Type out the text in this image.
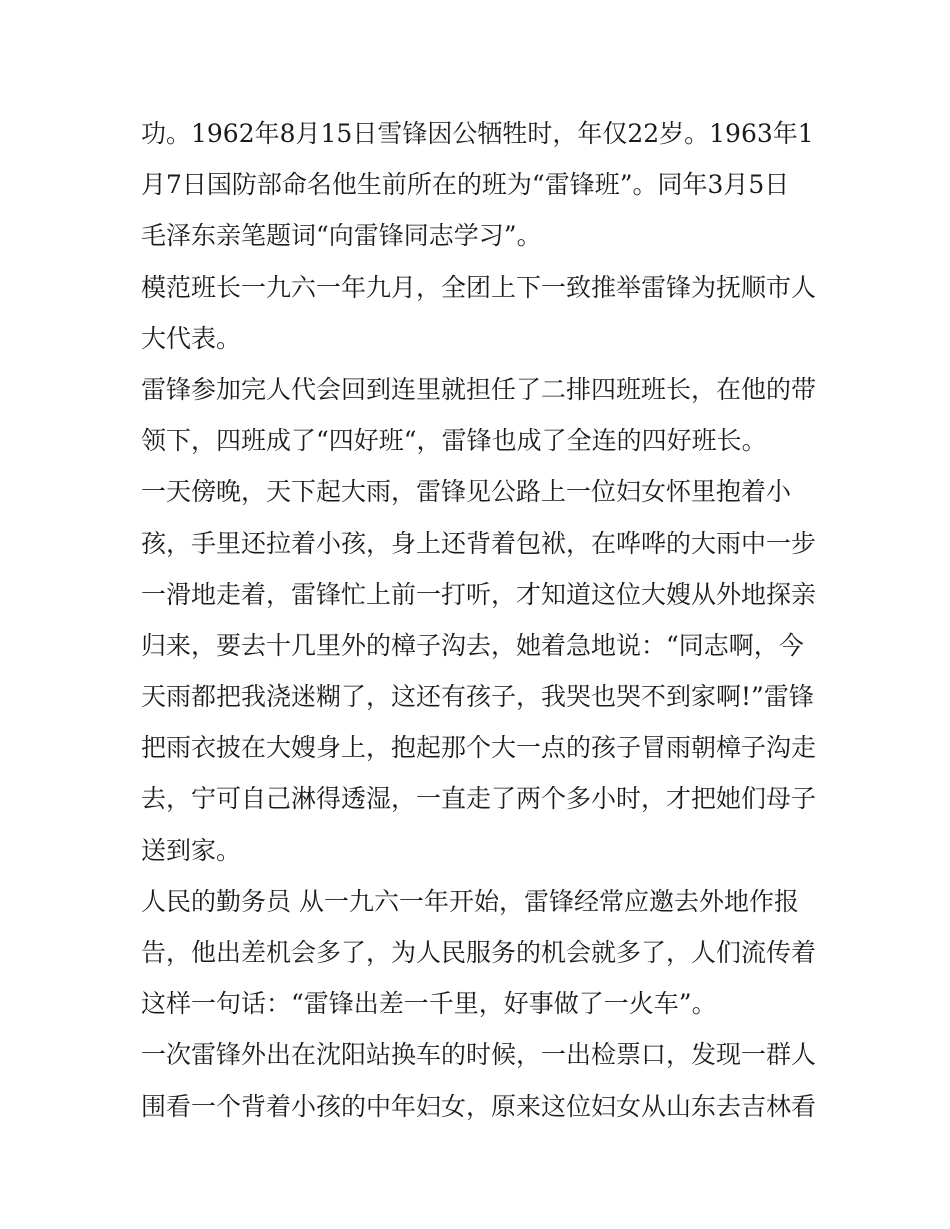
功。1962年8月15日雪锋因公牺牲时，年仅22岁。1963年1
月7日国防部命名他生前所在的班为“雷锋班”。同年3月5日
毛泽东亲笔题词“向雷锋同志学习”。
模范班长一九六一年九月，全团上下一致推举雷锋为抚顺市人
大代表。
雷锋参加完人代会回到连里就担任了二排四班班长，在他的带
领下，四班成了“四好班“，雷锋也成了全连的四好班长。
一天傍晚，天下起大雨，雷锋见公路上一位妇女怀里抱着小
孩，手里还拉着小孩，身上还背着包袱，在哗哗的大雨中一步
一滑地走着，雷锋忙上前一打听，才知道这位大嫂从外地探亲
归来，要去十几里外的樟子沟去，她着急地说：“同志啊，今
天雨都把我浇迷糊了，这还有孩子，我哭也哭不到家啊!”雷锋
把雨衣披在大嫂身上，抱起那个大一点的孩子冒雨朝樟子沟走
去，宁可自己淋得透湿，一直走了两个多小时，才把她们母子
送到家。
人民的勤务员 从一九六一年开始，雷锋经常应邀去外地作报
告，他出差机会多了，为人民服务的机会就多了，人们流传着
这样一句话：“雷锋出差一千里，好事做了一火车”。
一次雷锋外出在沈阳站换车的时候，一出检票口，发现一群人
围看一个背着小孩的中年妇女，原来这位妇女从山东去吉林看
